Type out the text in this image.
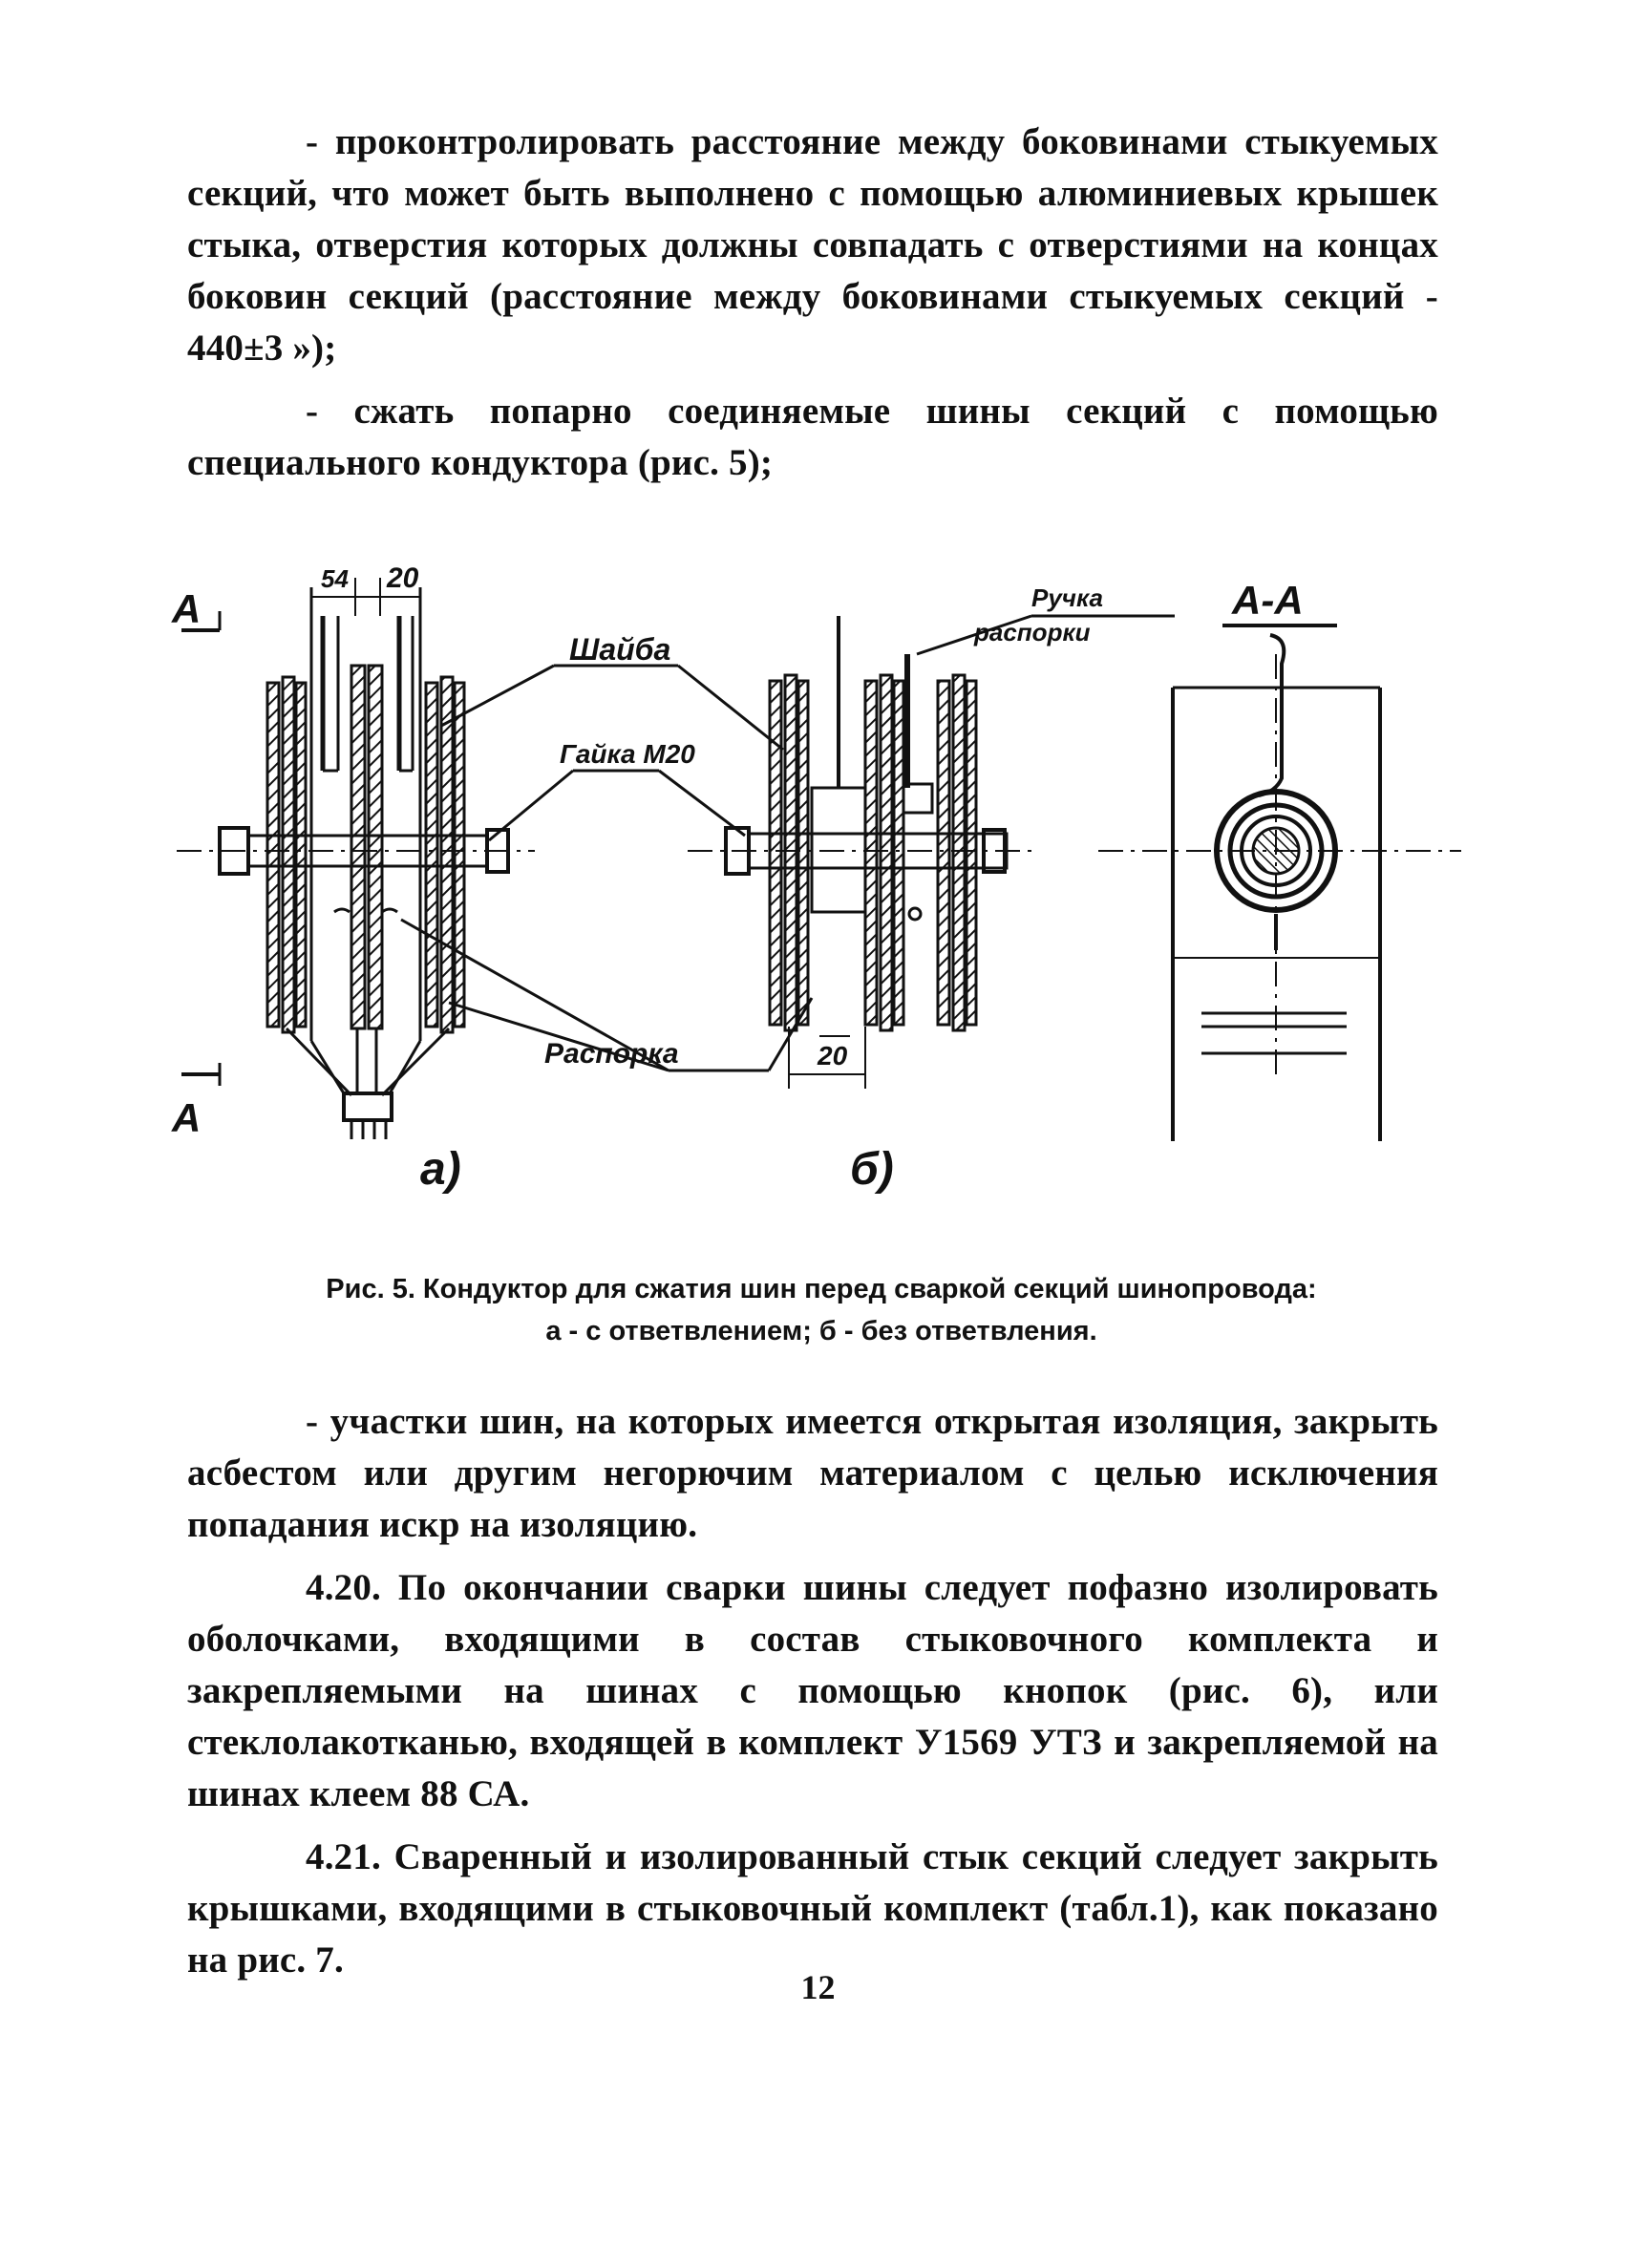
- проконтролировать расстояние между боковинами стыкуемых секций, что может быть выполнено с помощью алюминиевых крышек стыка, отверстия которых должны совпадать с отверстиями на концах боковин секций (расстояние между боковинами стыкуемых секций - 440±3 »);

- сжать попарно соединяемые шины секций с помощью специального кондуктора (рис. 5);

А
А
54 20
20
Шайба
Гайка М20
Распорка
Ручка
распорки
А-А
а)	б)
Рис. 5. Кондуктор для сжатия шин перед сваркой секций шинопровода:
а - с ответвлением; б - без ответвления.

- участки шин, на которых имеется открытая изоляция, закрыть асбестом или другим негорючим материалом с целью исключения попадания искр на изоляцию.

4.20. По окончании сварки шины следует пофазно изолировать оболочками, входящими в состав стыковочного комплекта и закрепляемыми на шинах с помощью кнопок (рис. 6), или стеклолакотканью, входящей в комплект У1569 УТЗ и закрепляемой на шинах клеем 88 СА.

4.21. Сваренный и изолированный стык секций следует закрыть крышками, входящими в стыковочный комплект (табл.1), как показано на рис. 7.

12
